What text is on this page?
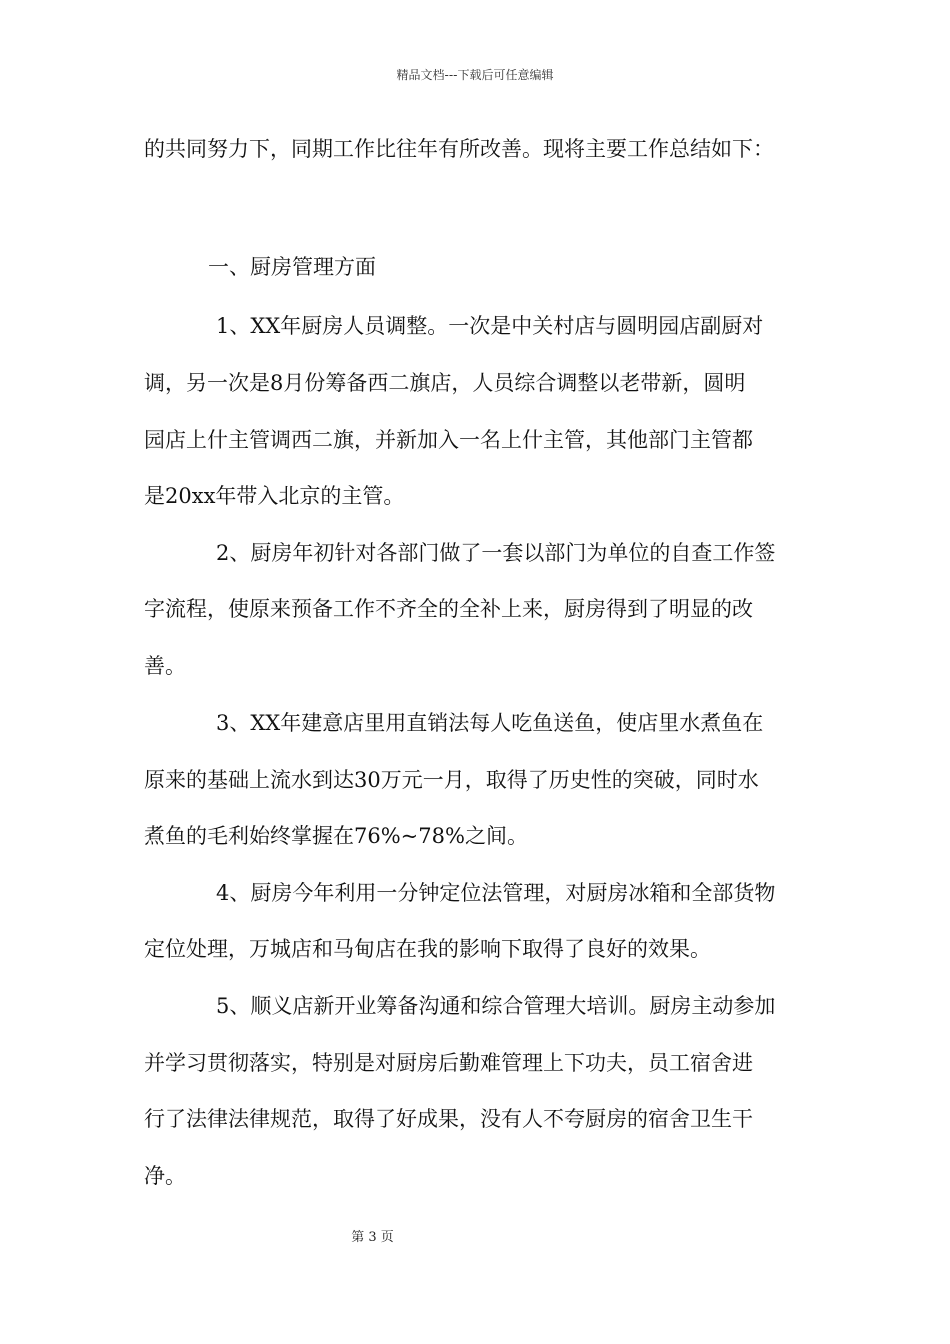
精品文档---下载后可任意编辑
的共同努力下，同期工作比往年有所改善。现将主要工作总结如下：
一、厨房管理方面
1、XX年厨房人员调整。一次是中关村店与圆明园店副厨对
调，另一次是8月份筹备西二旗店，人员综合调整以老带新，圆明
园店上什主管调西二旗，并新加入一名上什主管，其他部门主管都
是20xx年带入北京的主管。
2、厨房年初针对各部门做了一套以部门为单位的自查工作签
字流程，使原来预备工作不齐全的全补上来，厨房得到了明显的改
善。
3、XX年建意店里用直销法每人吃鱼送鱼，使店里水煮鱼在
原来的基础上流水到达30万元一月，取得了历史性的突破，同时水
煮鱼的毛利始终掌握在76%~78%之间。
4、厨房今年利用一分钟定位法管理，对厨房冰箱和全部货物
定位处理，万城店和马甸店在我的影响下取得了良好的效果。
5、顺义店新开业筹备沟通和综合管理大培训。厨房主动参加
并学习贯彻落实，特别是对厨房后勤难管理上下功夫，员工宿舍进
行了法律法律规范，取得了好成果，没有人不夸厨房的宿舍卫生干
净。
第 3 页
